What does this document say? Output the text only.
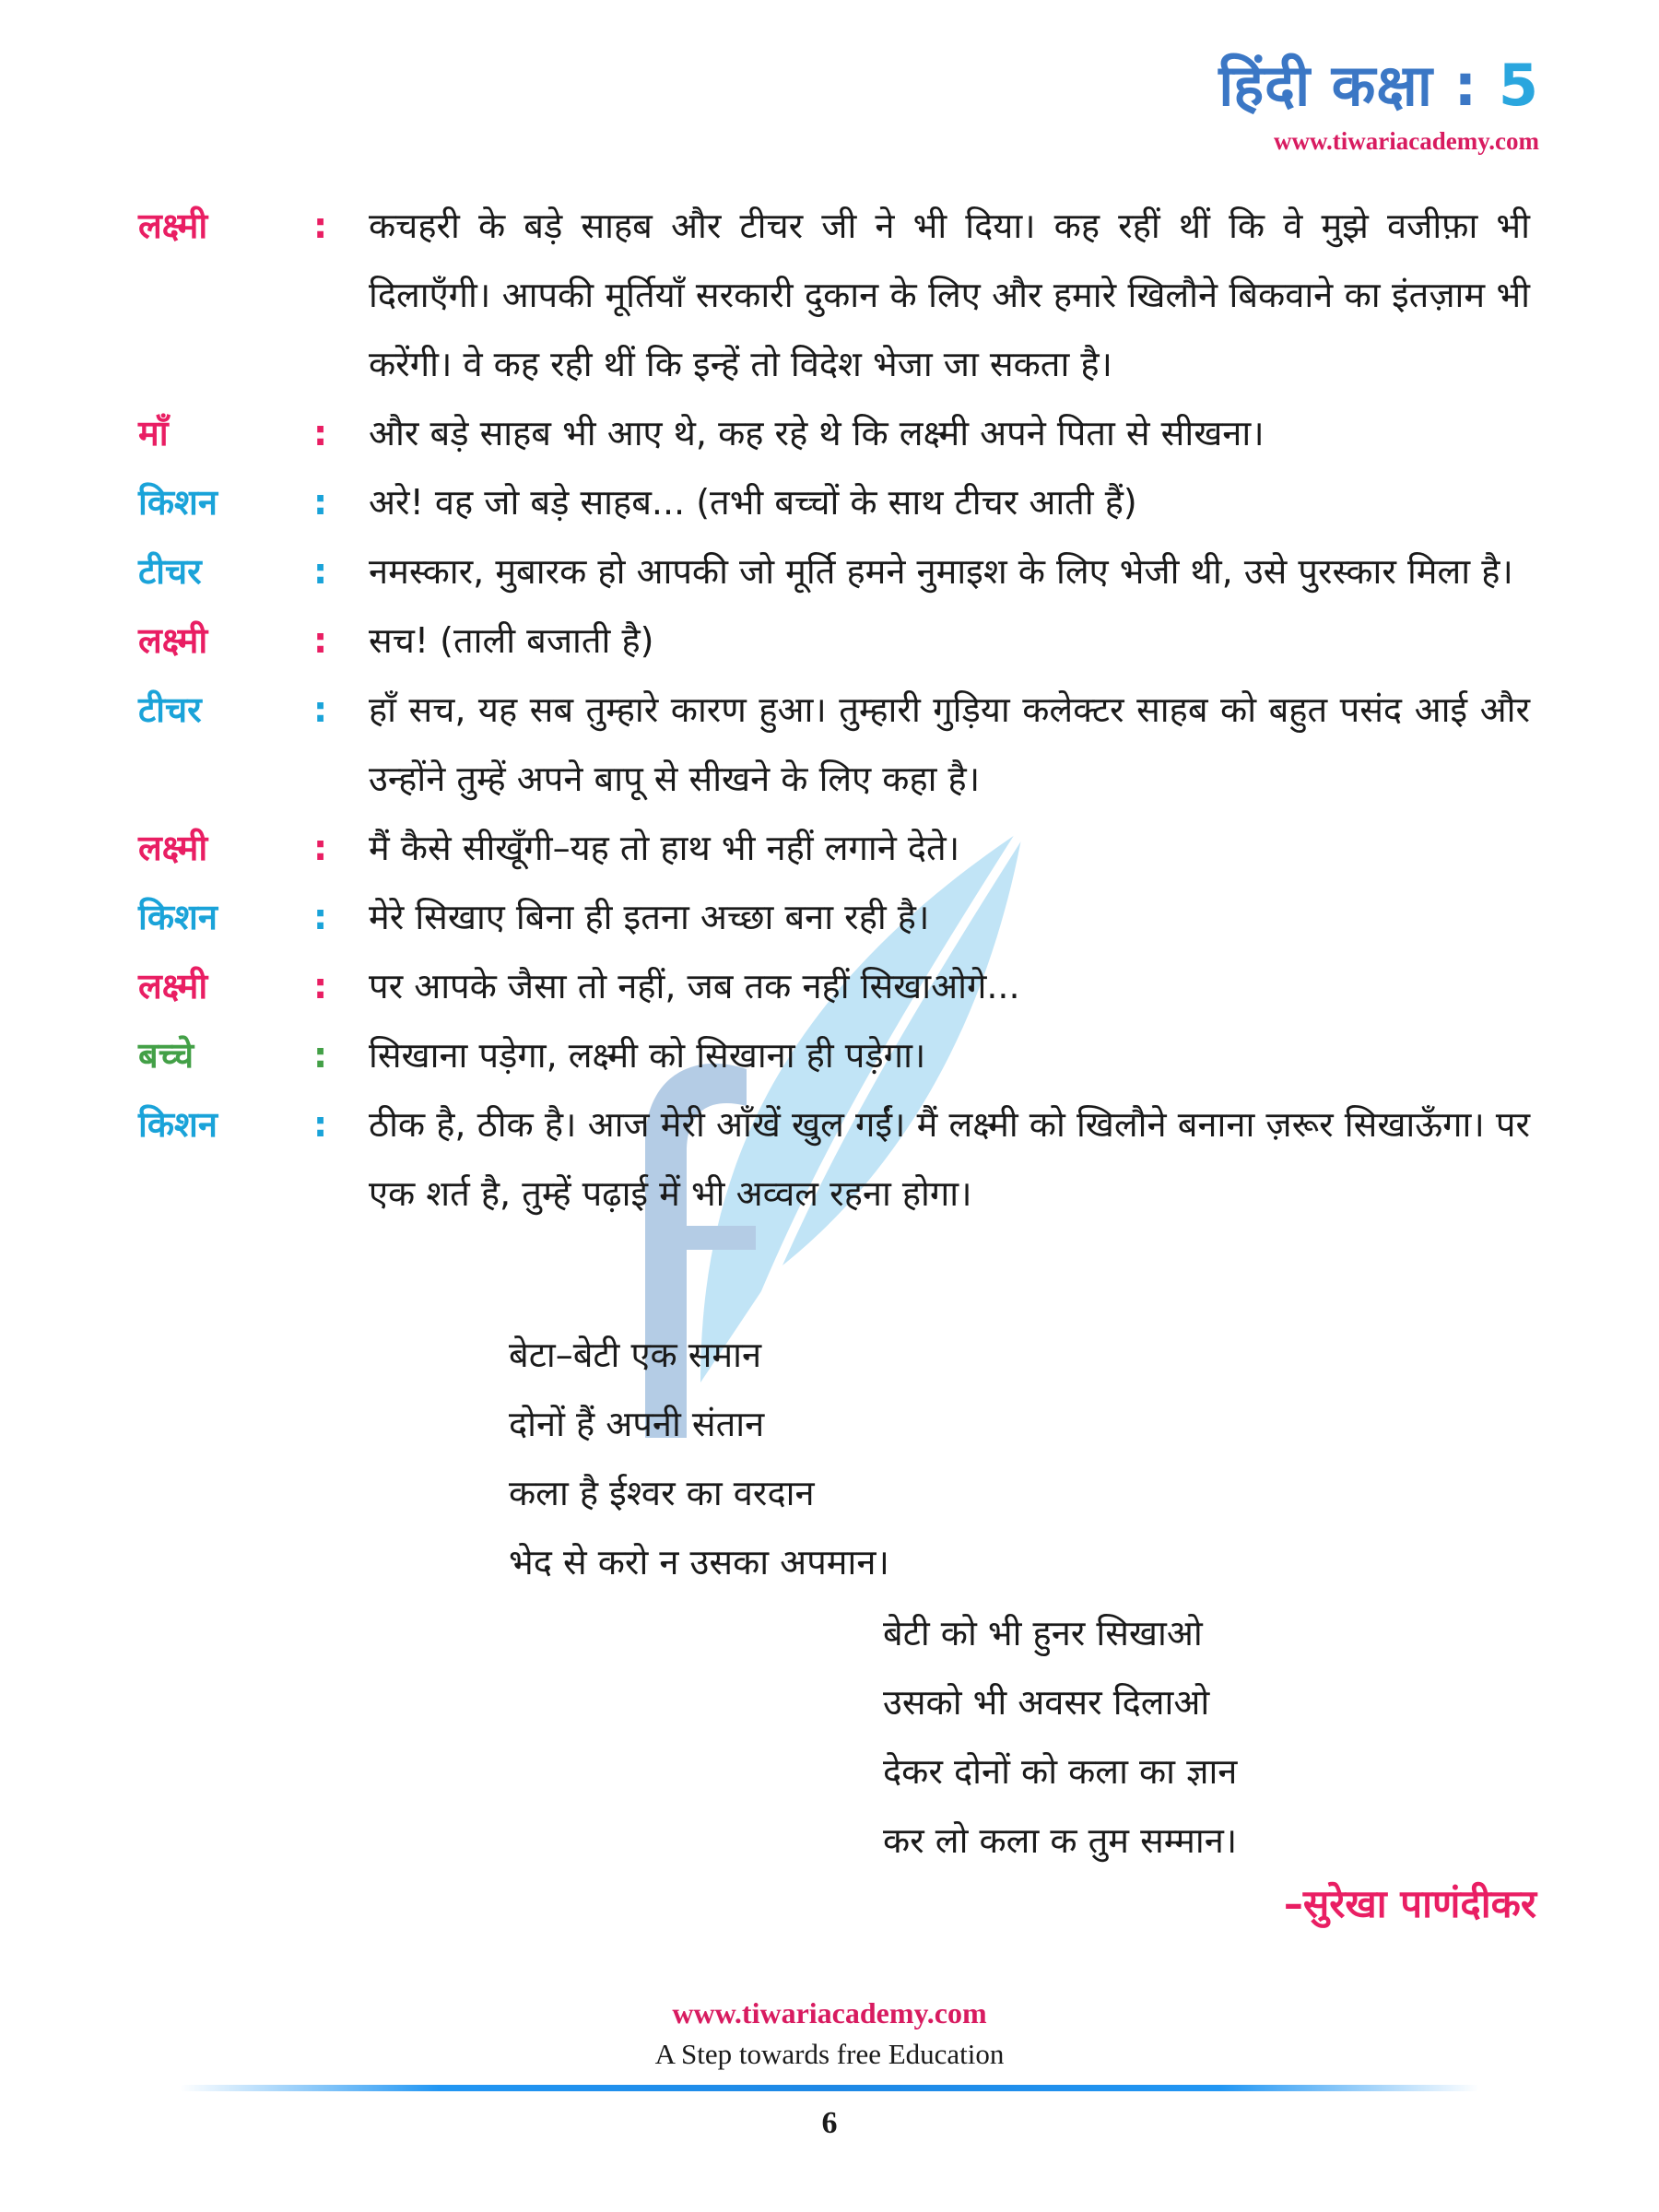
हिंदी कक्षा : 5
www.tiwariacademy.com
लक्ष्मी	:	कचहरी के बड़े साहब और टीचर जी ने भी दिया। कह रहीं थीं कि वे मुझे वजीफ़ा भी दिलाएँगी। आपकी मूर्तियाँ सरकारी दुकान के लिए और हमारे खिलौने बिकवाने का इंतज़ाम भी करेंगी। वे कह रही थीं कि इन्हें तो विदेश भेजा जा सकता है।
माँ	:	और बड़े साहब भी आए थे, कह रहे थे कि लक्ष्मी अपने पिता से सीखना।
किशन	:	अरे! वह जो बड़े साहब... (तभी बच्चों के साथ टीचर आती हैं)
टीचर	:	नमस्कार, मुबारक हो आपकी जो मूर्ति हमने नुमाइश के लिए भेजी थी, उसे पुरस्कार मिला है।
लक्ष्मी	:	सच! (ताली बजाती है)
टीचर	:	हाँ सच, यह सब तुम्हारे कारण हुआ। तुम्हारी गुड़िया कलेक्टर साहब को बहुत पसंद आई और उन्होंने तुम्हें अपने बापू से सीखने के लिए कहा है।
लक्ष्मी	:	मैं कैसे सीखूँगी–यह तो हाथ भी नहीं लगाने देते।
किशन	:	मेरे सिखाए बिना ही इतना अच्छा बना रही है।
लक्ष्मी	:	पर आपके जैसा तो नहीं, जब तक नहीं सिखाओगे...
बच्चे	:	सिखाना पड़ेगा, लक्ष्मी को सिखाना ही पड़ेगा।
किशन	:	ठीक है, ठीक है। आज मेरी आँखें खुल गईं। मैं लक्ष्मी को खिलौने बनाना ज़रूर सिखाऊँगा। पर एक शर्त है, तुम्हें पढ़ाई में भी अव्वल रहना होगा।
बेटा–बेटी एक समान
दोनों हैं अपनी संतान
कला है ईश्वर का वरदान
भेद से करो न उसका अपमान।
बेटी को भी हुनर सिखाओ
उसको भी अवसर दिलाओ
देकर दोनों को कला का ज्ञान
कर लो कला क तुम सम्मान।
–सुरेखा पाणंदीकर
www.tiwariacademy.com
A Step towards free Education
6
